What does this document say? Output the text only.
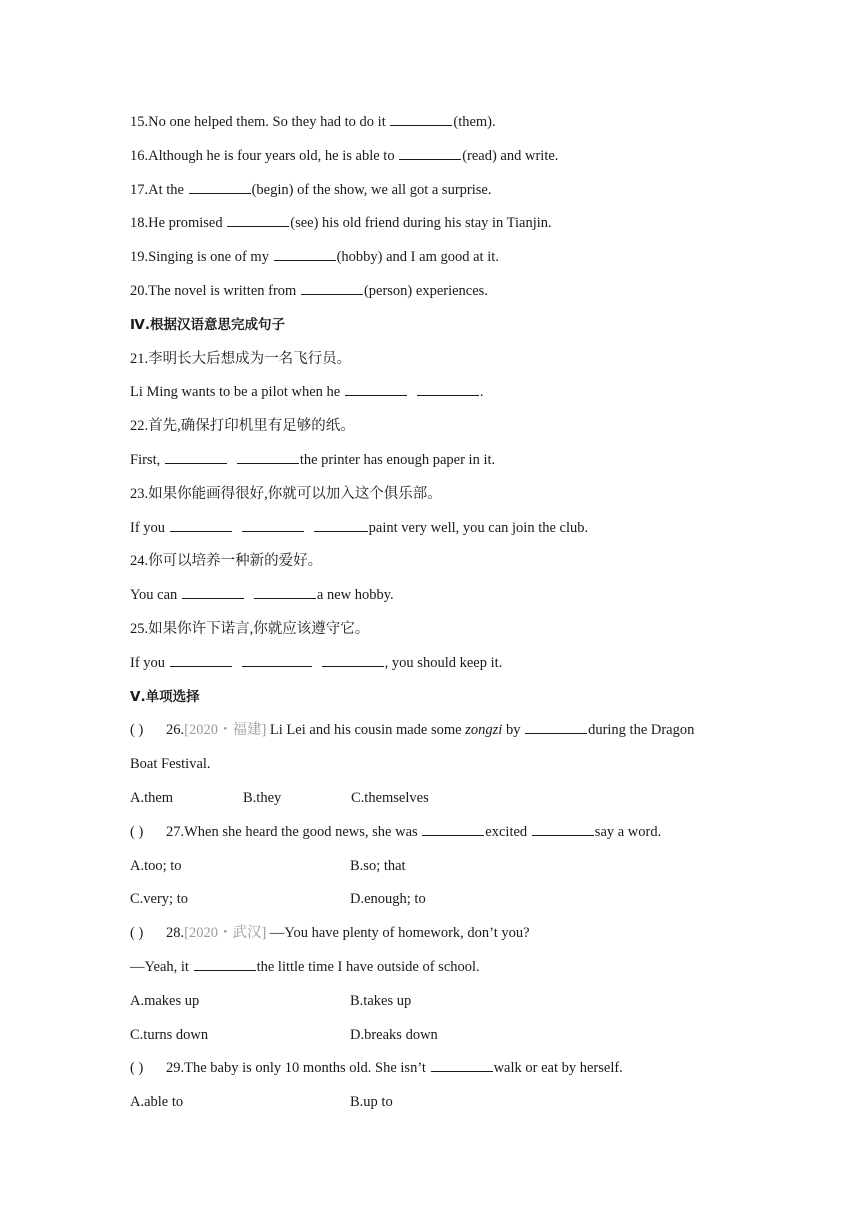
15.No one helped them. So they had to do it	(them).
16.Although he is four years old, he is able to	(read) and write.
17.At the	(begin) of the show, we all got a surprise.
18.He promised	(see) his old friend during his stay in Tianjin.
19.Singing is one of my	(hobby) and I am good at it.
20.The novel is written from	(person) experiences.
Ⅳ.根据汉语意思完成句子
21.李明长大后想成为一名飞行员。
Li Ming wants to be a pilot when he	.
22.首先,确保打印机里有足够的纸。
First,	the printer has enough paper in it.
23.如果你能画得很好,你就可以加入这个俱乐部。
If you	paint very well, you can join the club.
24.你可以培养一种新的爱好。
You can	a new hobby.
25.如果你许下诺言,你就应该遵守它。
If you	, you should keep it.
Ⅴ.单项选择
( ) 26.[2020・福建] Li Lei and his cousin made some zongzi by	during the Dragon
Boat Festival.
A.them	B.they	C.themselves
( ) 27.When she heard the good news, she was	excited	say a word.
A.too; to	B.so; that
C.very; to	D.enough; to
( ) 28.[2020・武汉] —You have plenty of homework, don’t you?
—Yeah, it	the little time I have outside of school.
A.makes up	B.takes up
C.turns down	D.breaks down
( ) 29.The baby is only 10 months old. She isn’t	walk or eat by herself.
A.able to	B.up to
